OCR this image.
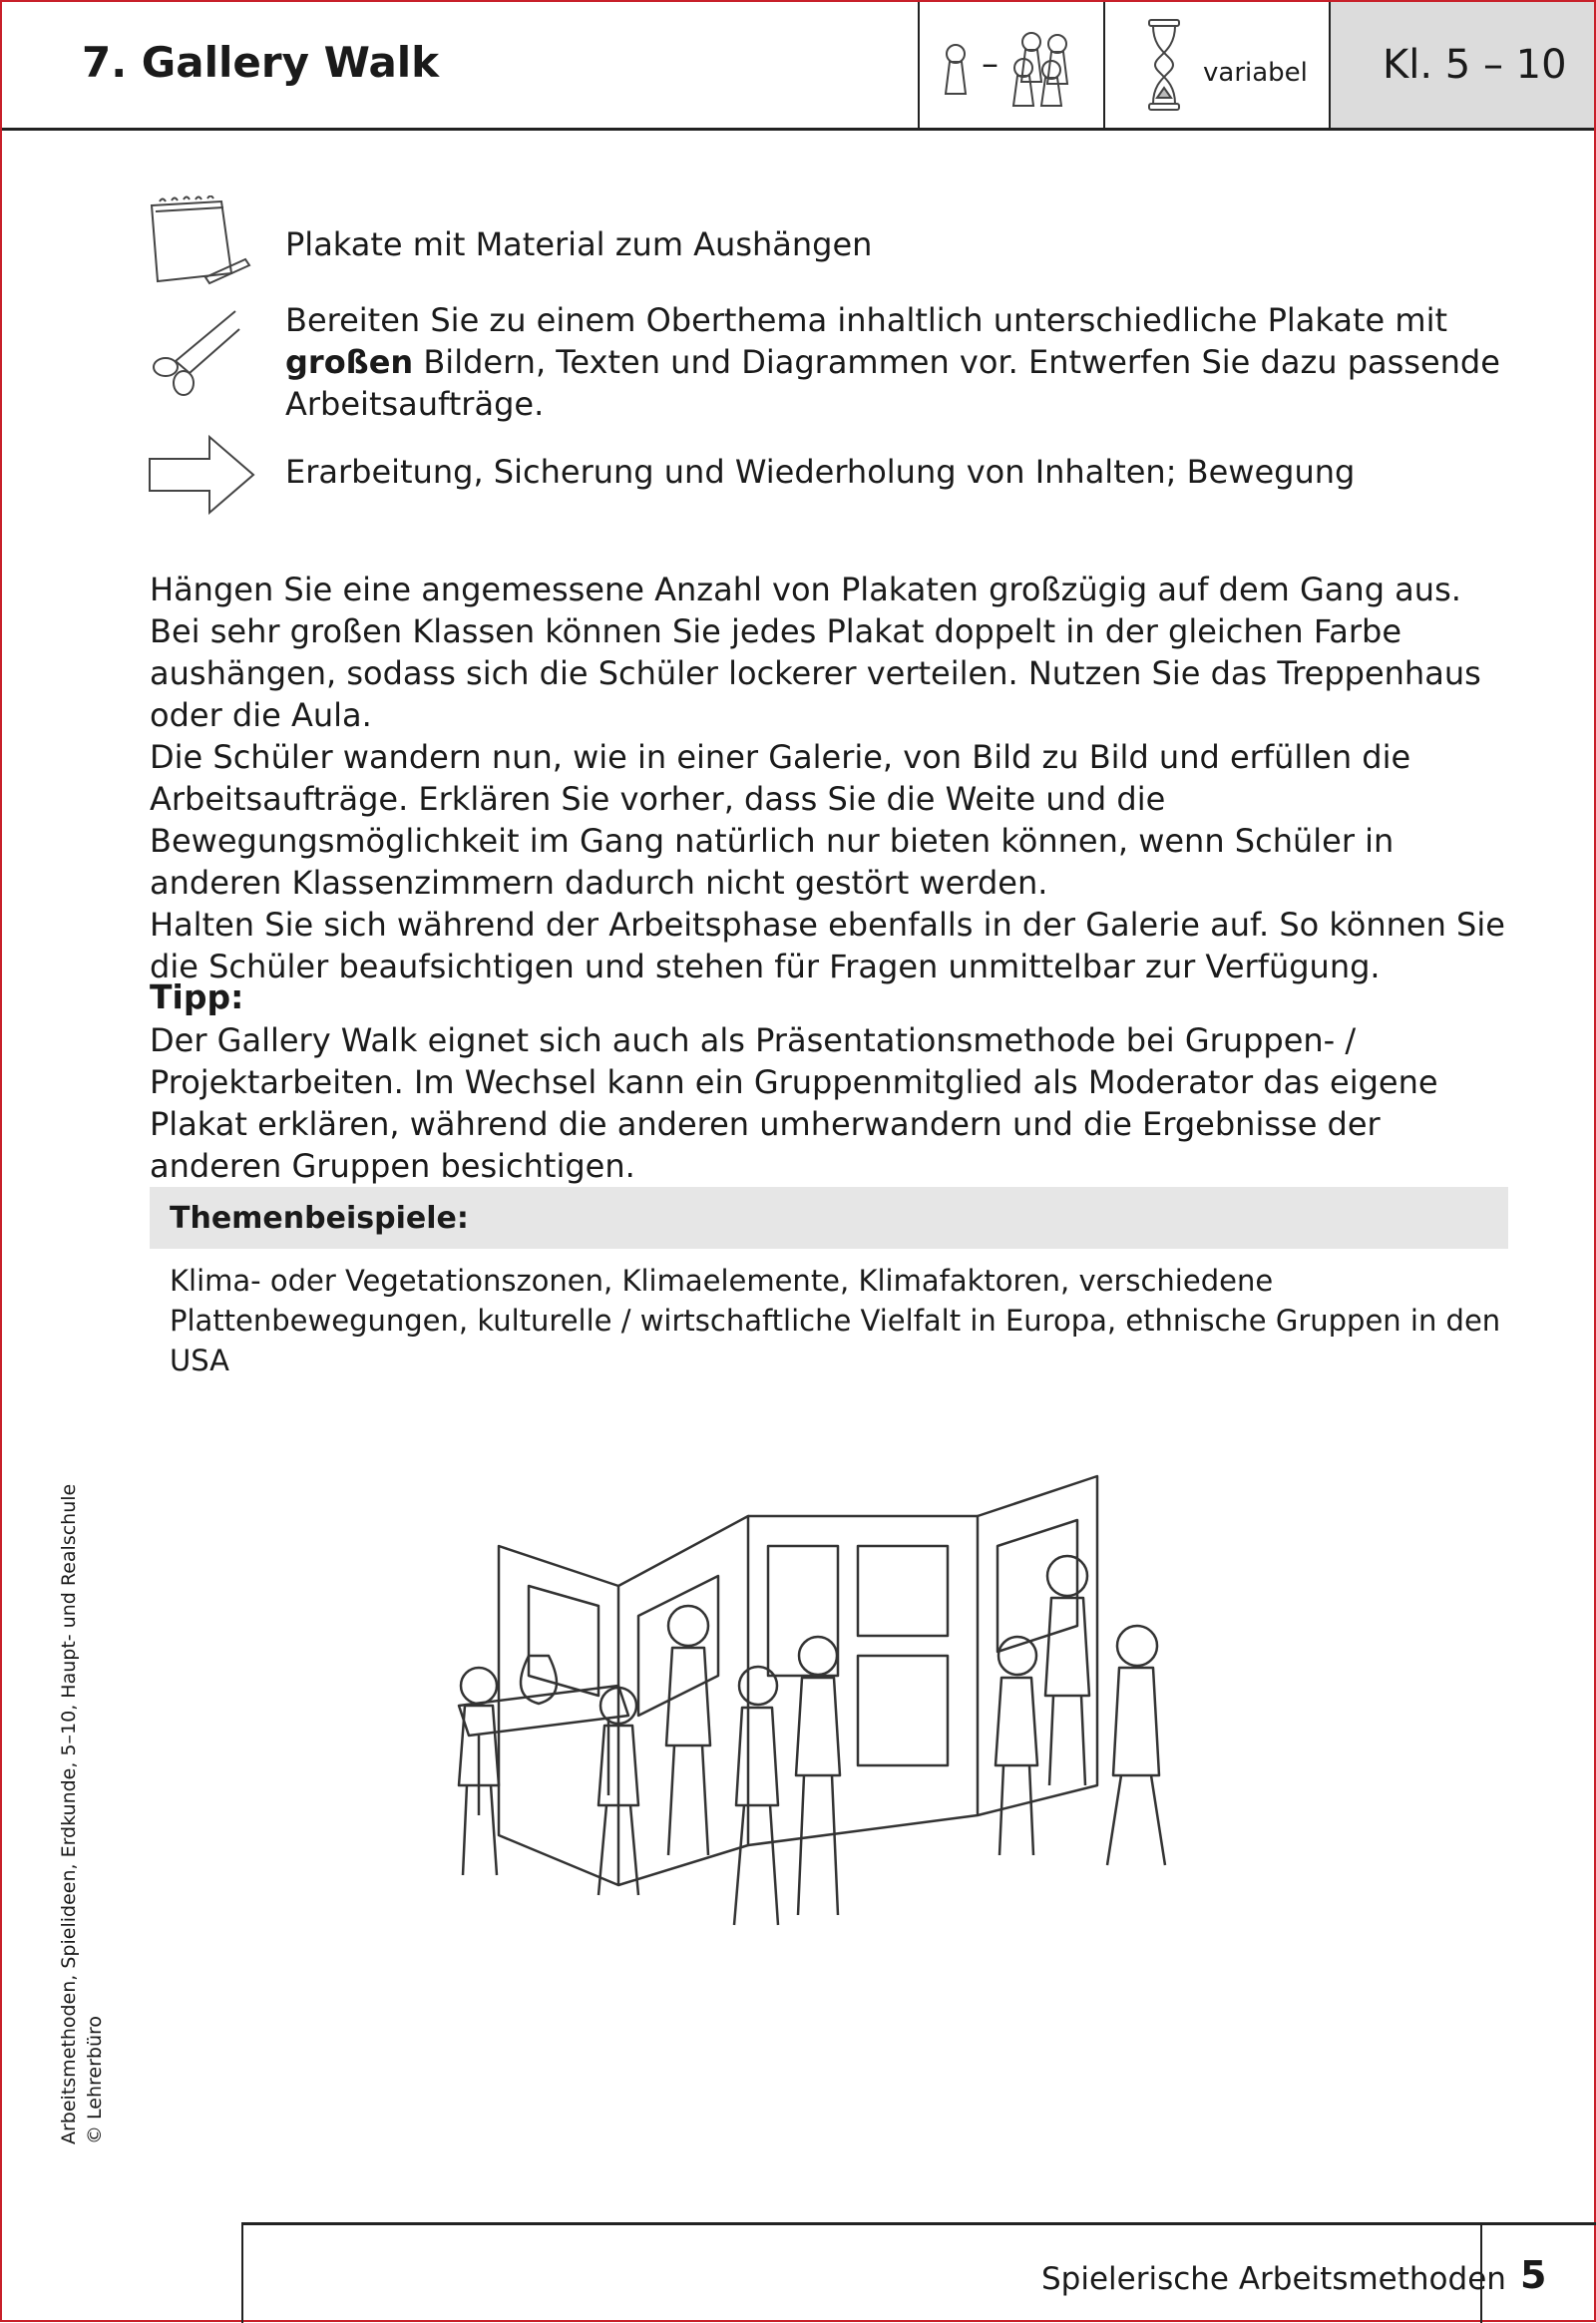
7. Gallery Walk	–	variabel Kl. 5 – 10
Plakate mit Material zum Aushängen
Bereiten Sie zu einem Oberthema inhaltlich unterschiedliche Plakate mit großen Bildern, Texten und Diagrammen vor. Entwerfen Sie dazu passende Arbeitsaufträge.
Erarbeitung, Sicherung und Wiederholung von Inhalten; Bewegung

Hängen Sie eine angemessene Anzahl von Plakaten großzügig auf dem Gang aus. Bei sehr großen Klassen können Sie jedes Plakat doppelt in der gleichen Farbe aushängen, sodass sich die Schüler lockerer verteilen. Nutzen Sie das Treppenhaus oder die Aula.

Die Schüler wandern nun, wie in einer Galerie, von Bild zu Bild und erfüllen die Arbeitsaufträge. Erklären Sie vorher, dass Sie die Weite und die Bewegungsmöglichkeit im Gang natürlich nur bieten können, wenn Schüler in anderen Klassenzimmern dadurch nicht gestört werden.

Halten Sie sich während der Arbeitsphase ebenfalls in der Galerie auf. So können Sie die Schüler beaufsichtigen und stehen für Fragen unmittelbar zur Verfügung.

Tipp:
Der Gallery Walk eignet sich auch als Präsentationsmethode bei Gruppen- / Projektarbeiten. Im Wechsel kann ein Gruppenmitglied als Moderator das eigene Plakat erklären, während die anderen umherwandern und die Ergebnisse der anderen Gruppen besichtigen.
Themenbeispiele:
Klima- oder Vegetationszonen, Klimaelemente, Klimafaktoren, verschiedene Plattenbewegungen, kulturelle / wirtschaftliche Vielfalt in Europa, ethnische Gruppen in den USA
Arbeitsmethoden, Spielideen, Erdkunde, 5–10, Haupt- und Realschule © Lehrerbüro
Spielerische Arbeitsmethoden 5
